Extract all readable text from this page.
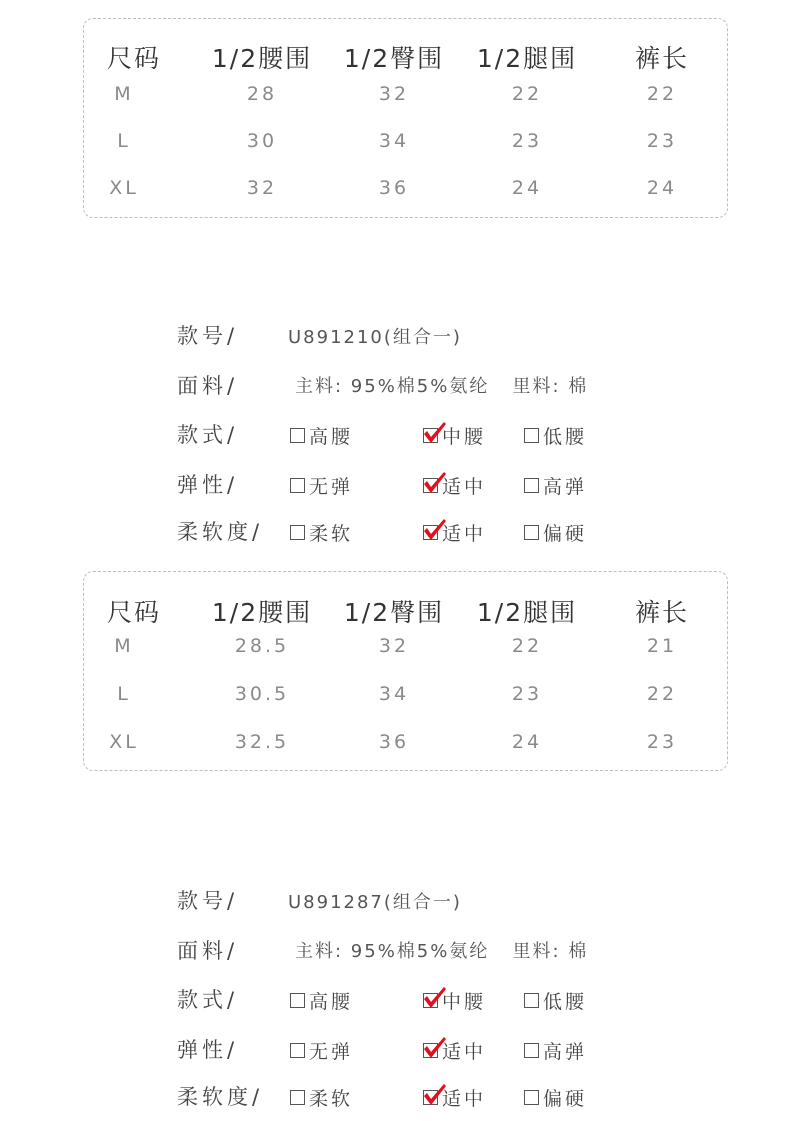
尺码 1/2腰围 1/2臀围 1/2腿围 裤长
M	28	32	22	22
L	30	34	23	23
XL	32	36	24	24
尺码 1/2腰围 1/2臀围 1/2腿围 裤长
M	28.5	32	22	21
L	30.5	34	23	22
XL	32.5	36	24	23
款号/	U891210(组合一)
面料/	主料: 95%棉5%氨纶   里料: 棉
款式/	高腰	中腰	低腰
弹性/	无弹	适中	高弹
柔软度/ 柔软	适中	偏硬
款号/	U891287(组合一)
面料/	主料: 95%棉5%氨纶   里料: 棉
款式/	高腰	中腰	低腰
弹性/	无弹	适中	高弹
柔软度/ 柔软	适中	偏硬
